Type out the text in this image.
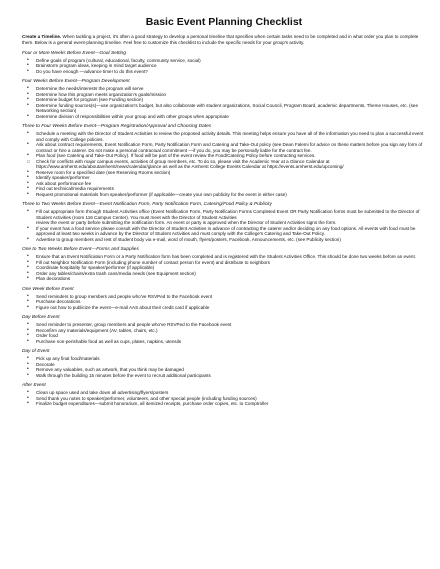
Basic Event Planning Checklist
Create a Timeline. When tackling a project, it's often a good strategy to develop a personal timeline that specifies when certain tasks need to be completed and in what order you plan to complete them. Below is a general event-planning timeline. Feel free to customize this checklist to include the specific needs for your group's activity.
Four or More Weeks Before Event—Goal Setting
• Define goals of program (cultural, educational, faculty, community service, social)
• Brainstorm program ideas, keeping in mind target audience
• Do you have enough —advance time! to do this event?
Four Weeks Before Event—Program Development
• Determine the needs/interests the program will serve
• Determine how this program meets organization's goals/mission
• Determine budget for program (see Funding section)
• Determine funding sources(s)—use organization's budget, but also collaborate with student organizations, Social Council, Program Board, academic departments, Theme Houses, etc. (see Networking section)
• Determine division of responsibilities within your group and with other groups when appropriate
Three to Four Weeks Before Event—Program Registration/Approval and Choosing Dates
• Schedule a meeting with the Director of Student Activities to review the proposed activity details. This meeting helps ensure you have all of the information you need to plan a successful event and comply with College policies.
• Ask about contract requirements, Event Notification Form, Party Notification Form and Catering and Take-Out policy (see Dean Falemi for advice on these matters before you sign any form of contract or hire a caterer. Do not make a personal contractual commitment —if you do, you may be personally liable for the contract fee.
• Plan food (see Catering and Take-Out Policy). If food will be part of the event review the Food/Catering Policy before contracting services.
□ Check for conflicts with major campus events, activities of group members, etc. To do so, please visit the Academic Year at a Glance Calendar at https://www.amherst.edu/aboutamherst/news/calendar/glance as well as the Amherst College Events Calendar at https://events.amherst.edu/upcoming/
• Reserve room for a specified date (see Reserving Rooms section)
• Identify speaker/performer
• Ask about performance fee
• Find out technical/media requirements
• Request promotional materials from speaker/performer (if applicable—create your own publicity for the event in either case)
Three to Two Weeks Before Event—Event Notification Form, Party Notification Form, Catering/Food Policy & Publicity
• Fill out appropriate form through Student Activities office (Event Notification Form, Party Notification Forms Completed Event OR Party Notification forms must be submitted to the Director of Student Activities (room 116 Campus Center). You must meet with the Director of Student Activities
review the event or party before submitting the notification form. An event or party is approved when the Director of Student Activities signs the form.
• If your event has a food service please consult with the Director of Student Activities in advance of contracting the caterer and/or deciding on any food options. All events with food must be approved at least two weeks in advance by the Director of Student Activities and must comply with the College's Catering and Take-Out Policy.
• Advertise to group members and rest of student body via e-mail, word of mouth, flyers/posters, Facebook, Announcements, etc. (see Publicity section)
One to Two Weeks Before Event—Forms and Supplies
• Ensure that an Event Notification Form or a Party Notification form has been completed and is registered with the Student Activities Office. This should be done two weeks before an event.
• Fill out Neighbor Notification Form (including phone number of contact person for event) and distribute to neighbors
• Coordinate hospitality for speaker/performer (if applicable)
• Order any tables/chairs/extra trash cans/media needs (see Equipment section)
• Plan decorations
One Week Before Event
• Send reminders to group members and people who've RSVPed to the Facebook event
• Purchase decorations
• Figure out how to publicize the event—e-mail AAS about their credit card if applicable
Day Before Event
• Send reminder to presenter, group members and people who've RSVPed to the Facebook event
• Reconfirm any materials/equipment (AV, tables, chairs, etc.)
• Order food
• Purchase non-perishable food as well as cups, plates, napkins, utensils
Day of Event
• Pick up any final food/materials
• Decorate
• Remove any valuables, such as artwork, that you think may be damaged
• Walk through the building 15 minutes before the event to recruit additional participants
After Event
• Clean up space used and take down all advertising/flyers/posters
• Send thank you notes to speaker/performer, volunteers, and other special people (including funding sources)
• Finalize budget expenditures—submit honorarium, all itemized receipts, purchase order copies, etc. to Comptroller
